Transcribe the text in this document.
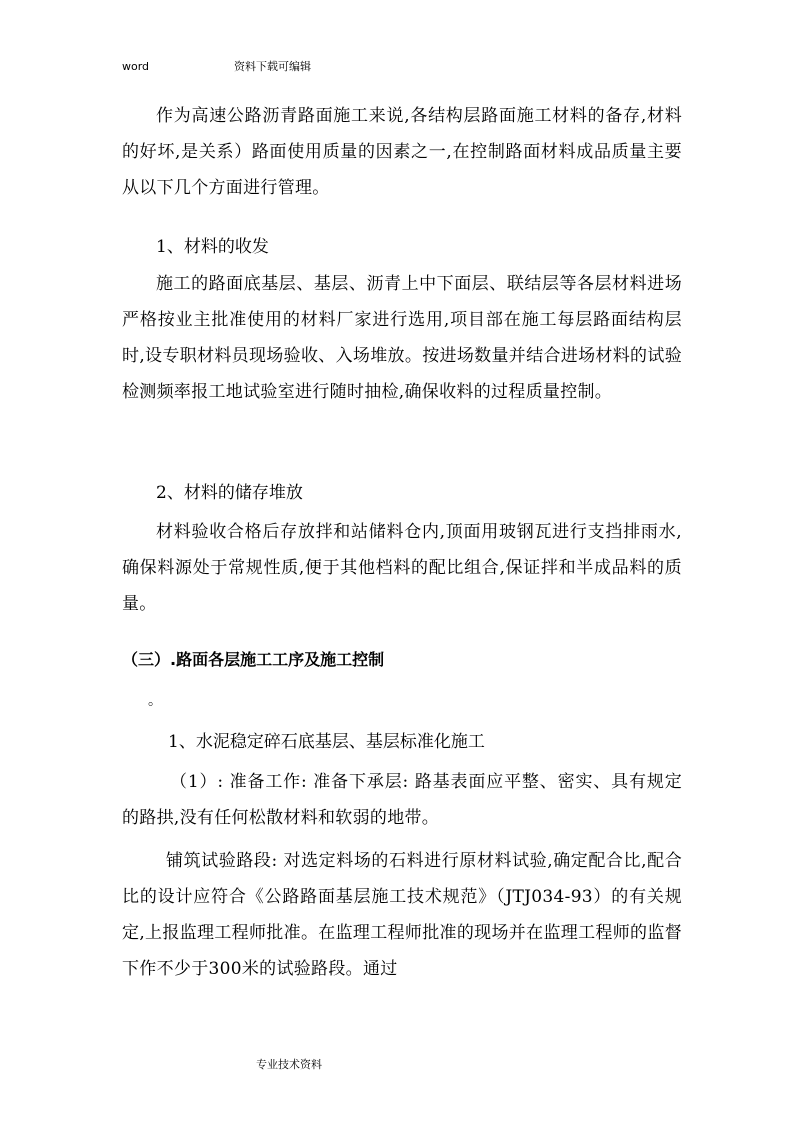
word	资料下载可编辑
作为高速公路沥青路面施工来说,各结构层路面施工材料的备存,材料的好坏,是关系）路面使用质量的因素之一,在控制路面材料成品质量主要从以下几个方面进行管理。
1、材料的收发
施工的路面底基层、基层、沥青上中下面层、联结层等各层材料进场严格按业主批准使用的材料厂家进行选用,项目部在施工每层路面结构层时,设专职材料员现场验收、入场堆放。按进场数量并结合进场材料的试验检测频率报工地试验室进行随时抽检,确保收料的过程质量控制。
2、材料的储存堆放
材料验收合格后存放拌和站储料仓内,顶面用玻钢瓦进行支挡排雨水,确保料源处于常规性质,便于其他档料的配比组合,保证拌和半成品料的质量。
（三）.路面各层施工工序及施工控制
。
1、水泥稳定碎石底基层、基层标准化施工
（1）: 准备工作: 准备下承层: 路基表面应平整、密实、具有规定的路拱,没有任何松散材料和软弱的地带。
铺筑试验路段: 对选定料场的石料进行原材料试验,确定配合比,配合比的设计应符合《公路路面基层施工技术规范》（JTJ034-93）的有关规定,上报监理工程师批准。在监理工程师批准的现场并在监理工程师的监督下作不少于300米的试验路段。通过
专业技术资料
